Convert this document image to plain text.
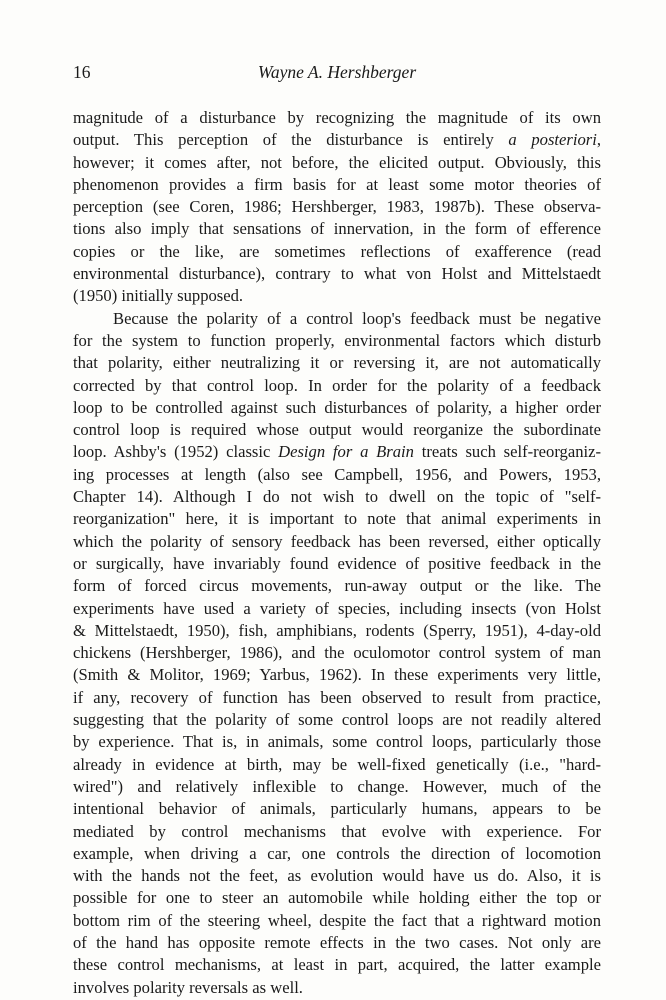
16	Wayne A. Hershberger
magnitude of a disturbance by recognizing the magnitude of its own
output. This perception of the disturbance is entirely a posteriori,
however; it comes after, not before, the elicited output. Obviously, this
phenomenon provides a firm basis for at least some motor theories of
perception (see Coren, 1986; Hershberger, 1983, 1987b). These observa-
tions also imply that sensations of innervation, in the form of efference
copies or the like, are sometimes reflections of exafference (read
environmental disturbance), contrary to what von Holst and Mittelstaedt
(1950) initially supposed.
Because the polarity of a control loop's feedback must be negative
for the system to function properly, environmental factors which disturb
that polarity, either neutralizing it or reversing it, are not automatically
corrected by that control loop. In order for the polarity of a feedback
loop to be controlled against such disturbances of polarity, a higher order
control loop is required whose output would reorganize the subordinate
loop. Ashby's (1952) classic Design for a Brain treats such self-reorganiz-
ing processes at length (also see Campbell, 1956, and Powers, 1953,
Chapter 14). Although I do not wish to dwell on the topic of "self-
reorganization" here, it is important to note that animal experiments in
which the polarity of sensory feedback has been reversed, either optically
or surgically, have invariably found evidence of positive feedback in the
form of forced circus movements, run-away output or the like. The
experiments have used a variety of species, including insects (von Holst
& Mittelstaedt, 1950), fish, amphibians, rodents (Sperry, 1951), 4-day-old
chickens (Hershberger, 1986), and the oculomotor control system of man
(Smith & Molitor, 1969; Yarbus, 1962). In these experiments very little,
if any, recovery of function has been observed to result from practice,
suggesting that the polarity of some control loops are not readily altered
by experience. That is, in animals, some control loops, particularly those
already in evidence at birth, may be well-fixed genetically (i.e., "hard-
wired") and relatively inflexible to change. However, much of the
intentional behavior of animals, particularly humans, appears to be
mediated by control mechanisms that evolve with experience. For
example, when driving a car, one controls the direction of locomotion
with the hands not the feet, as evolution would have us do. Also, it is
possible for one to steer an automobile while holding either the top or
bottom rim of the steering wheel, despite the fact that a rightward motion
of the hand has opposite remote effects in the two cases. Not only are
these control mechanisms, at least in part, acquired, the latter example
involves polarity reversals as well.
